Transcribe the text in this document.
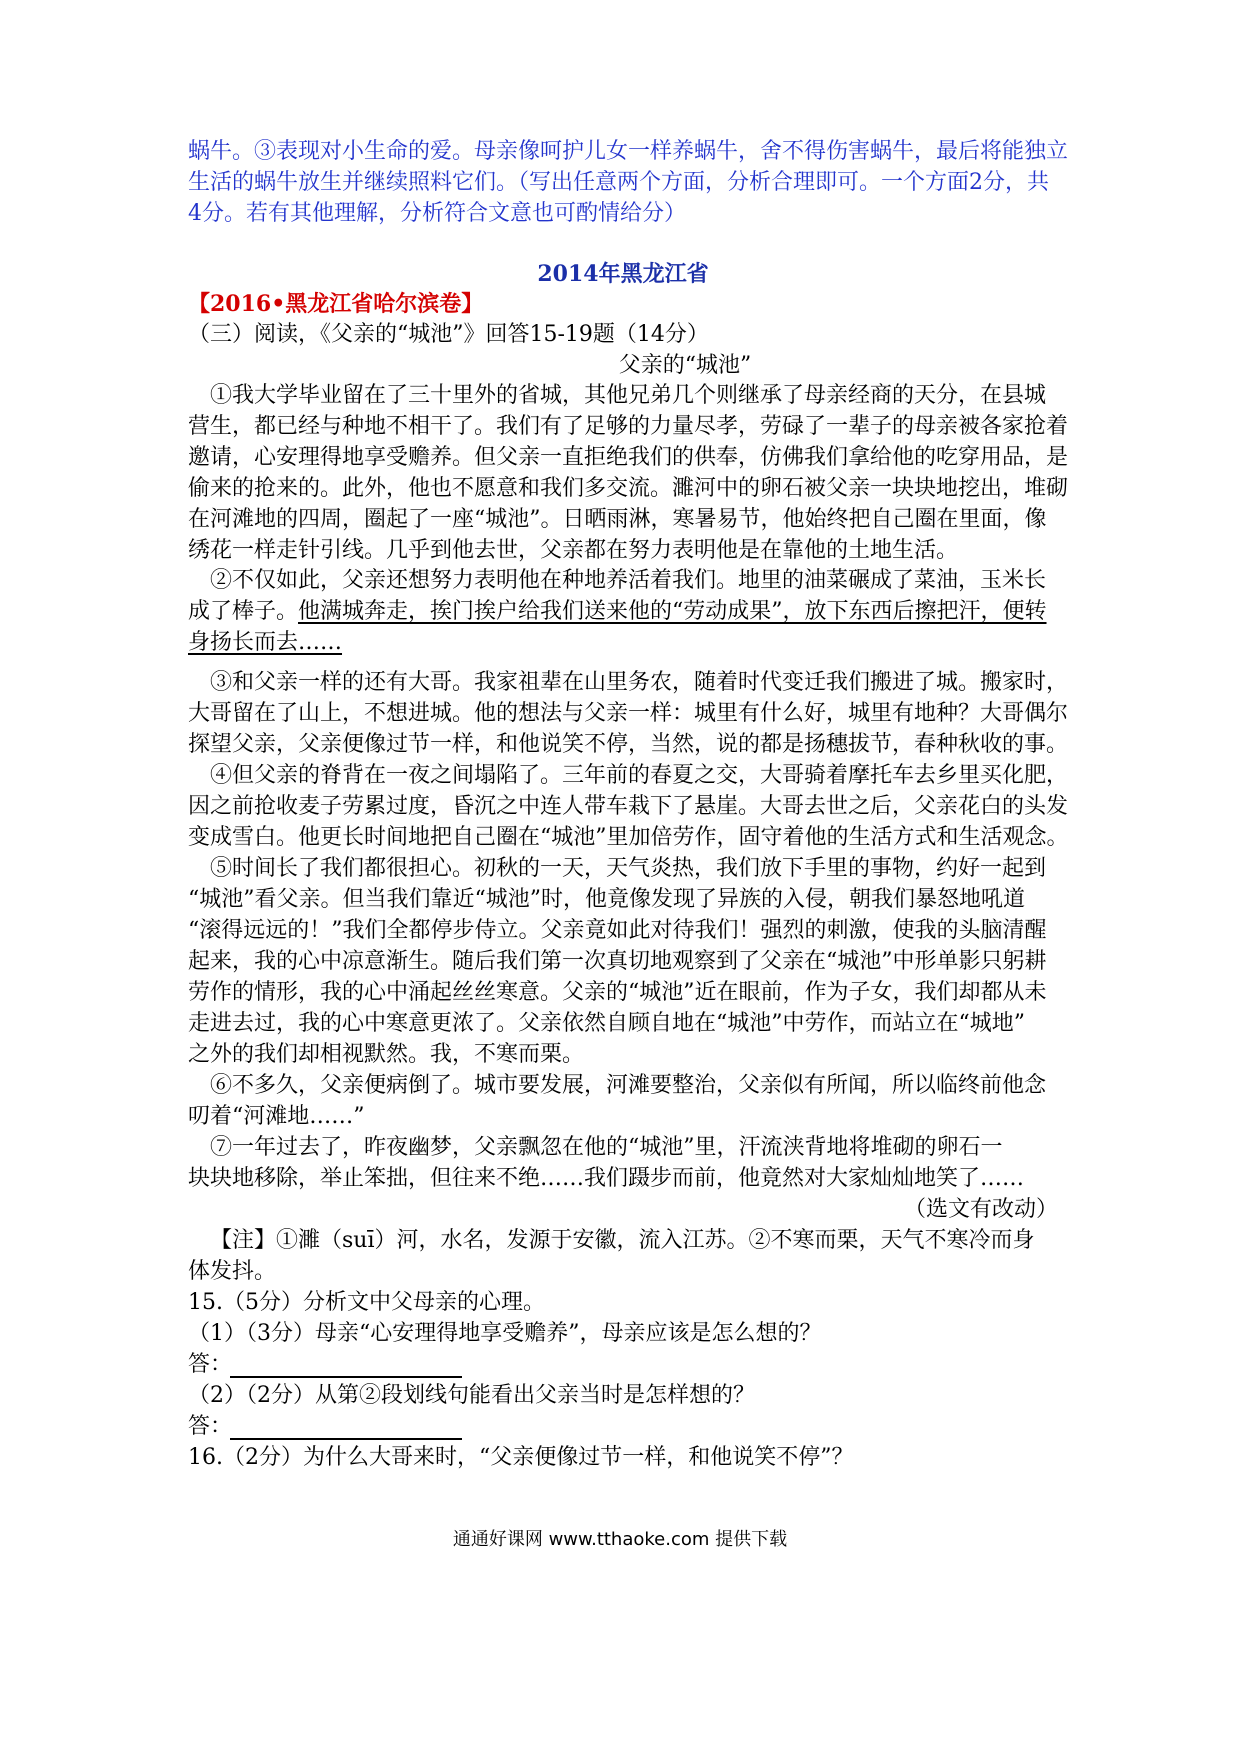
蜗牛。③表现对小生命的爱。母亲像呵护儿女一样养蜗牛，舍不得伤害蜗牛，最后将能独立
生活的蜗牛放生并继续照料它们。（写出任意两个方面，分析合理即可。一个方面2分，共
4分。若有其他理解，分析符合文意也可酌情给分）
2014年黑龙江省
【2016•黑龙江省哈尔滨卷】
（三）阅读，《父亲的“城池”》回答15-19题（14分）
父亲的“城池”
①我大学毕业留在了三十里外的省城，其他兄弟几个则继承了母亲经商的天分，在县城
营生，都已经与种地不相干了。我们有了足够的力量尽孝，劳碌了一辈子的母亲被各家抢着
邀请，心安理得地享受赡养。但父亲一直拒绝我们的供奉，仿佛我们拿给他的吃穿用品，是
偷来的抢来的。此外，他也不愿意和我们多交流。濉河中的卵石被父亲一块块地挖出，堆砌
在河滩地的四周，圈起了一座“城池”。日晒雨淋，寒暑易节，他始终把自己圈在里面，像
绣花一样走针引线。几乎到他去世，父亲都在努力表明他是在靠他的土地生活。
②不仅如此，父亲还想努力表明他在种地养活着我们。地里的油菜碾成了菜油，玉米长
成了棒子。他满城奔走，挨门挨户给我们送来他的“劳动成果”，放下东西后擦把汗，便转
身扬长而去……
③和父亲一样的还有大哥。我家祖辈在山里务农，随着时代变迁我们搬进了城。搬家时，
大哥留在了山上，不想进城。他的想法与父亲一样：城里有什么好，城里有地种？大哥偶尔
探望父亲，父亲便像过节一样，和他说笑不停，当然，说的都是扬穗拔节，春种秋收的事。
④但父亲的脊背在一夜之间塌陷了。三年前的春夏之交，大哥骑着摩托车去乡里买化肥，
因之前抢收麦子劳累过度，昏沉之中连人带车栽下了悬崖。大哥去世之后，父亲花白的头发
变成雪白。他更长时间地把自己圈在“城池”里加倍劳作，固守着他的生活方式和生活观念。
⑤时间长了我们都很担心。初秋的一天，天气炎热，我们放下手里的事物，约好一起到
“城池”看父亲。但当我们靠近“城池”时，他竟像发现了异族的入侵，朝我们暴怒地吼道
“滚得远远的！”我们全都停步侍立。父亲竟如此对待我们！强烈的刺激，使我的头脑清醒
起来，我的心中凉意渐生。随后我们第一次真切地观察到了父亲在“城池”中形单影只躬耕
劳作的情形，我的心中涌起丝丝寒意。父亲的“城池”近在眼前，作为子女，我们却都从未
走进去过，我的心中寒意更浓了。父亲依然自顾自地在“城池”中劳作，而站立在“城地”
之外的我们却相视默然。我，不寒而栗。
⑥不多久，父亲便病倒了。城市要发展，河滩要整治，父亲似有所闻，所以临终前他念
叨着“河滩地……”
⑦一年过去了，昨夜幽梦，父亲飘忽在他的“城池”里，汗流浃背地将堆砌的卵石一
块块地移除，举止笨拙，但往来不绝……我们蹑步而前，他竟然对大家灿灿地笑了……
（选文有改动）
【注】①濉（suī）河，水名，发源于安徽，流入江苏。②不寒而栗，天气不寒冷而身
体发抖。
15.（5分）分析文中父母亲的心理。
（1）（3分）母亲“心安理得地享受赡养”，母亲应该是怎么想的？
答：
（2）（2分）从第②段划线句能看出父亲当时是怎样想的？
答：
16.（2分）为什么大哥来时，“父亲便像过节一样，和他说笑不停”？
通通好课网 www.tthaoke.com 提供下载
